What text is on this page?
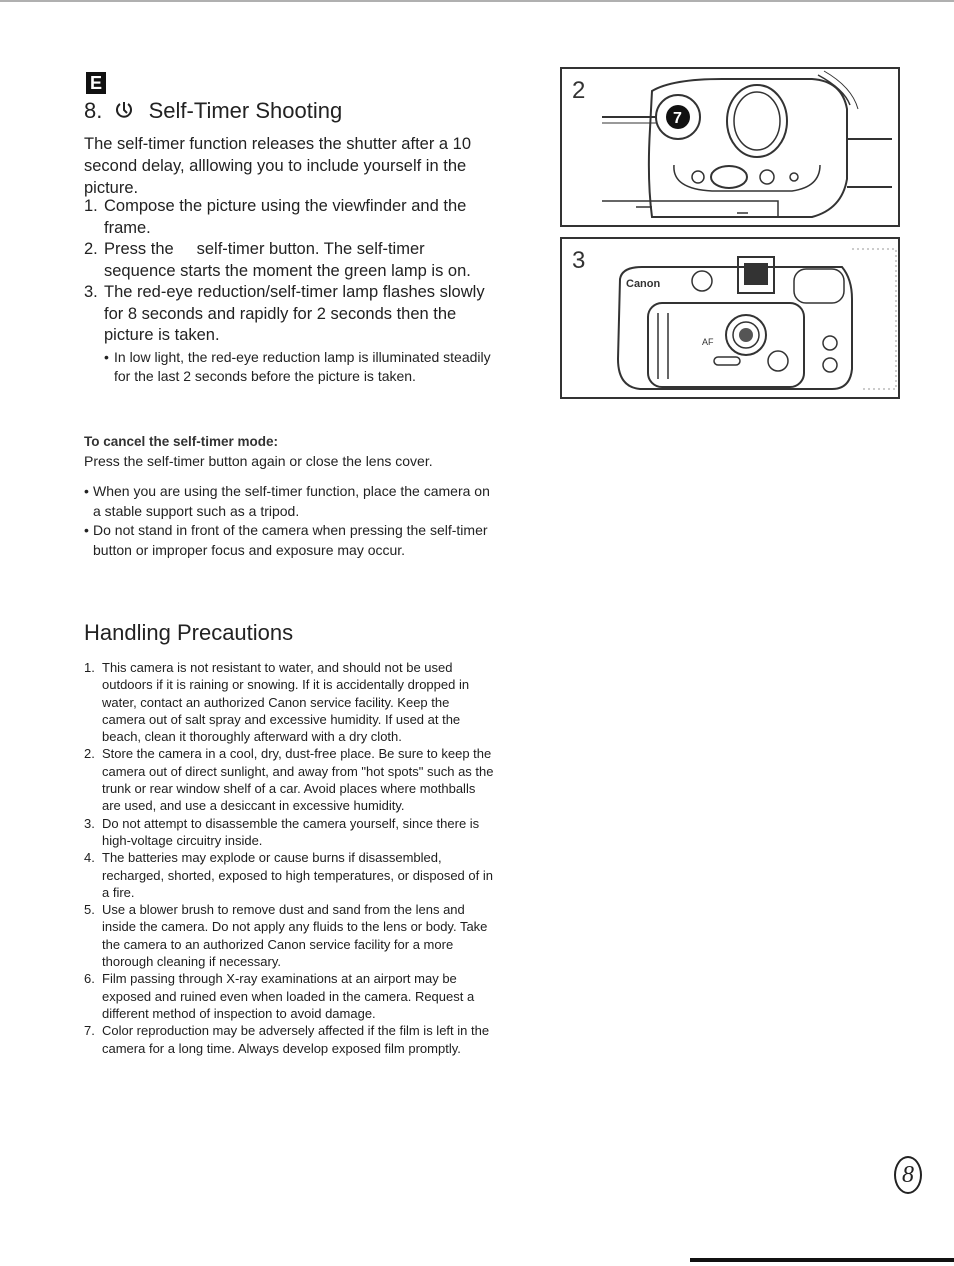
E
8. Self-Timer Shooting
The self-timer function releases the shutter after a 10 second delay, alllowing you to include yourself in the picture.
1. Compose the picture using the viewfinder and the frame.
2. Press the     self-timer button. The self-timer sequence starts the moment the green lamp is on.
3. The red-eye reduction/self-timer lamp flashes slowly for 8 seconds and rapidly for 2 seconds then the picture is taken.
• In low light, the red-eye reduction lamp is illuminated steadily for the last 2 seconds before the picture is taken.
To cancel the self-timer mode:
Press the self-timer button again or close the lens cover.
• When you are using the self-timer function, place the camera on a stable support such as a tripod.
• Do not stand in front of the camera when pressing the self-timer button or improper focus and exposure may occur.
Handling Precautions
1. This camera is not resistant to water, and should not be used outdoors if it is raining or snowing. If it is accidentally dropped in water, contact an authorized Canon service facility. Keep the camera out of salt spray and excessive humidity. If used at the beach, clean it thoroughly afterward with a dry cloth.
2. Store the camera in a cool, dry, dust-free place. Be sure to keep the camera out of direct sunlight, and away from "hot spots" such as the trunk or rear window shelf of a car. Avoid places where mothballs are used, and use a desiccant in excessive humidity.
3. Do not attempt to disassemble the camera yourself, since there is high-voltage circuitry inside.
4. The batteries may explode or cause burns if disassembled, recharged, shorted, exposed to high temperatures, or disposed of in a fire.
5. Use a blower brush to remove dust and sand from the lens and inside the camera. Do not apply any fluids to the lens or body. Take the camera to an authorized Canon service facility for a more thorough cleaning if necessary.
6. Film passing through X-ray examinations at an airport may be exposed and ruined even when loaded in the camera. Request a different method of inspection to avoid damage.
7. Color reproduction may be adversely affected if the film is left in the camera for a long time. Always develop exposed film promptly.
2
7
3
Canon
AF
8
